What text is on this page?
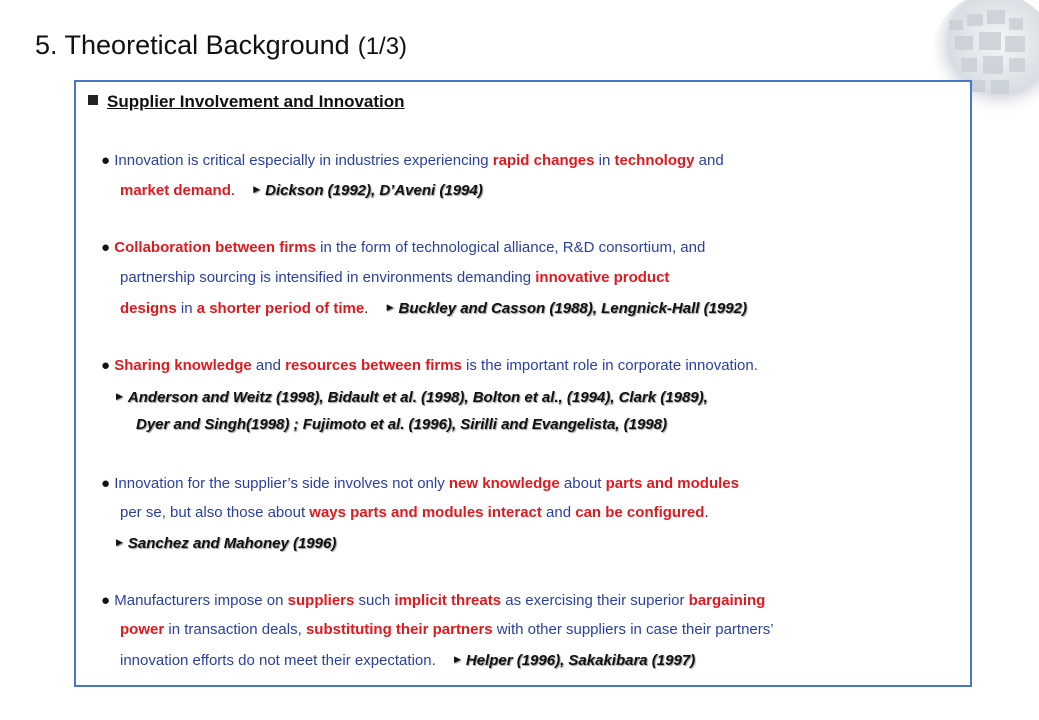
5. Theoretical Background (1/3)
Supplier Involvement and Innovation
● Innovation is critical especially in industries experiencing rapid changes in technology and
market demand. ▶ Dickson (1992), D’Aveni (1994)
● Collaboration between firms in the form of technological alliance, R&D consortium, and
partnership sourcing is intensified in environments demanding innovative product
designs in a shorter period of time. ▶ Buckley and Casson (1988), Lengnick-Hall (1992)
● Sharing knowledge and resources between firms is the important role in corporate innovation.
▶ Anderson and Weitz (1998), Bidault et al. (1998), Bolton et al., (1994), Clark (1989),
Dyer and Singh(1998) ; Fujimoto et al. (1996), Sirilli and Evangelista, (1998)
● Innovation for the supplier’s side involves not only new knowledge about parts and modules
per se, but also those about ways parts and modules interact and can be configured.
▶ Sanchez and Mahoney (1996)
● Manufacturers impose on suppliers such implicit threats as exercising their superior bargaining
power in transaction deals, substituting their partners with other suppliers in case their partners’
innovation efforts do not meet their expectation. ▶ Helper (1996), Sakakibara (1997)
